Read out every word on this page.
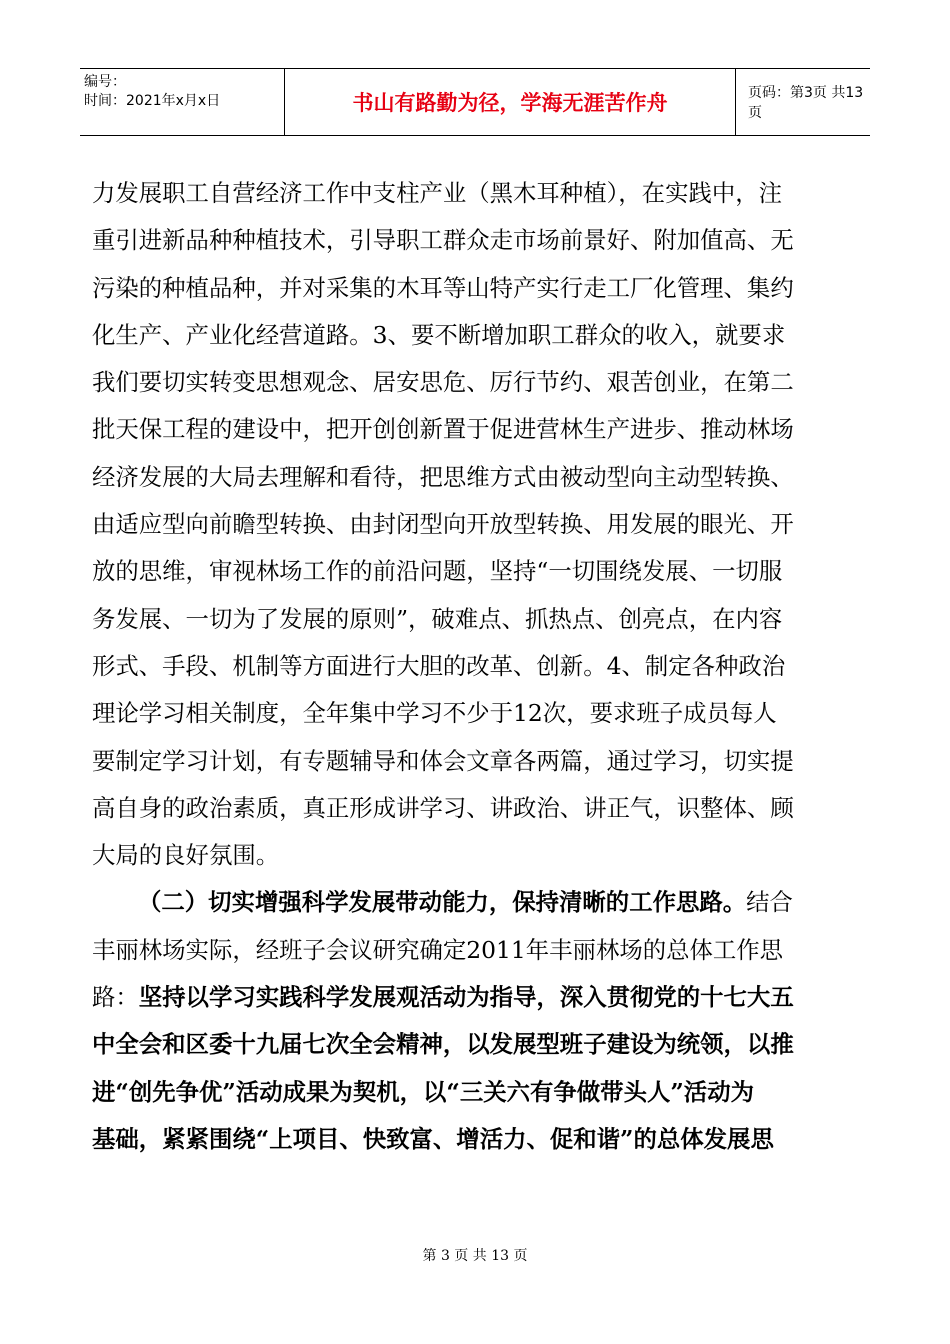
编号：
时间：2021年x月x日	书山有路勤为径，学海无涯苦作舟	页码：第3页 共13页
力发展职工自营经济工作中支柱产业（黑木耳种植），在实践中，注
重引进新品种种植技术，引导职工群众走市场前景好、附加值高、无
污染的种植品种，并对采集的木耳等山特产实行走工厂化管理、集约
化生产、产业化经营道路。3、要不断增加职工群众的收入，就要求
我们要切实转变思想观念、居安思危、厉行节约、艰苦创业，在第二
批天保工程的建设中，把开创创新置于促进营林生产进步、推动林场
经济发展的大局去理解和看待，把思维方式由被动型向主动型转换、
由适应型向前瞻型转换、由封闭型向开放型转换、用发展的眼光、开
放的思维，审视林场工作的前沿问题，坚持“一切围绕发展、一切服
务发展、一切为了发展的原则”，破难点、抓热点、创亮点，在内容
形式、手段、机制等方面进行大胆的改革、创新。4、制定各种政治
理论学习相关制度，全年集中学习不少于12次，要求班子成员每人
要制定学习计划，有专题辅导和体会文章各两篇，通过学习，切实提
高自身的政治素质，真正形成讲学习、讲政治、讲正气，识整体、顾
大局的良好氛围。
（二）切实增强科学发展带动能力，保持清晰的工作思路。 结合
丰丽林场实际，经班子会议研究确定2011年丰丽林场的总体工作思
路： 坚持以学习实践科学发展观活动为指导，深入贯彻党的十七大五
中全会和区委十九届七次全会精神，以发展型班子建设为统领，以推
进“创先争优”活动成果为契机，以“三关六有争做带头人”活动为
基础，紧紧围绕“上项目、快致富、增活力、促和谐”的总体发展思
第 3 页 共 13 页
